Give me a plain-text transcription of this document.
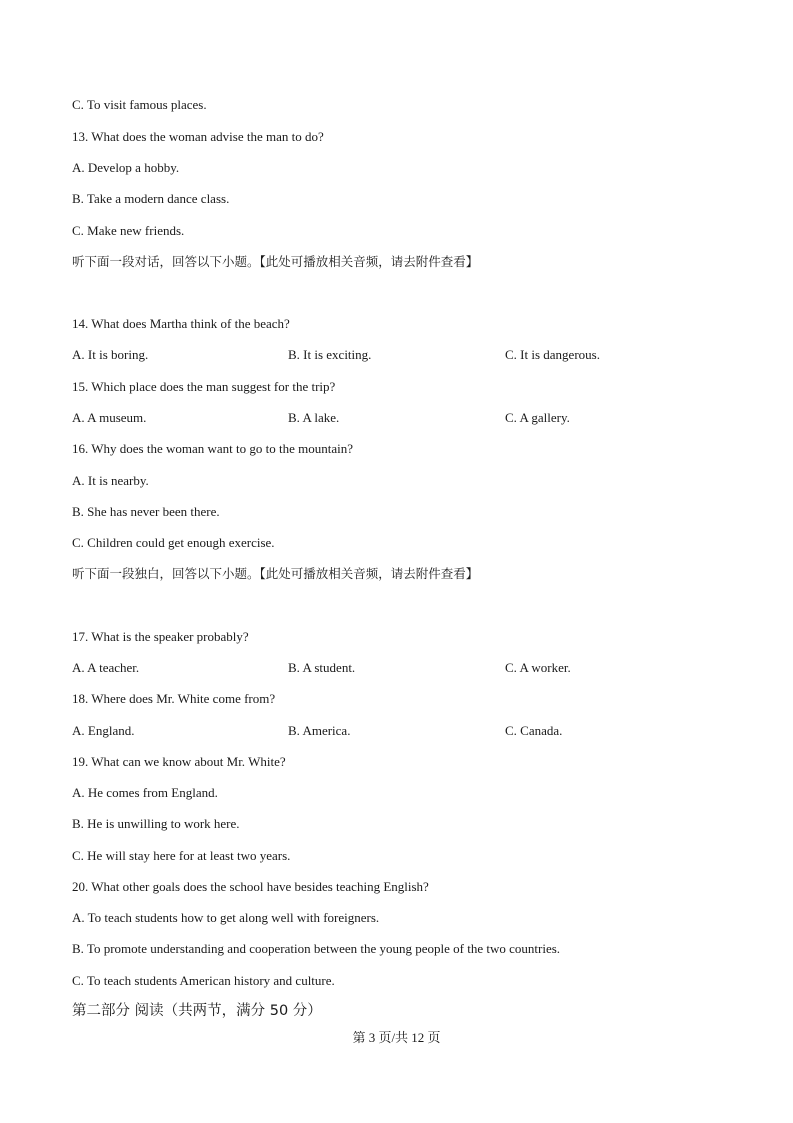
C. To visit famous places.
13. What does the woman advise the man to do?
A. Develop a hobby.
B. Take a modern dance class.
C. Make new friends.
听下面一段对话，回答以下小题。【此处可播放相关音频，请去附件查看】
14. What does Martha think of the beach?
A. It is boring.	B. It is exciting.	C. It is dangerous.
15. Which place does the man suggest for the trip?
A. A museum.	B. A lake.	C. A gallery.
16. Why does the woman want to go to the mountain?
A. It is nearby.
B. She has never been there.
C. Children could get enough exercise.
听下面一段独白，回答以下小题。【此处可播放相关音频，请去附件查看】
17. What is the speaker probably?
A. A teacher.	B. A student.	C. A worker.
18. Where does Mr. White come from?
A. England.	B. America.	C. Canada.
19. What can we know about Mr. White?
A. He comes from England.
B. He is unwilling to work here.
C. He will stay here for at least two years.
20. What other goals does the school have besides teaching English?
A. To teach students how to get along well with foreigners.
B. To promote understanding and cooperation between the young people of the two countries.
C. To teach students American history and culture.
第二部分 阅读（共两节，满分 50 分）
第 3 页/共 12 页
